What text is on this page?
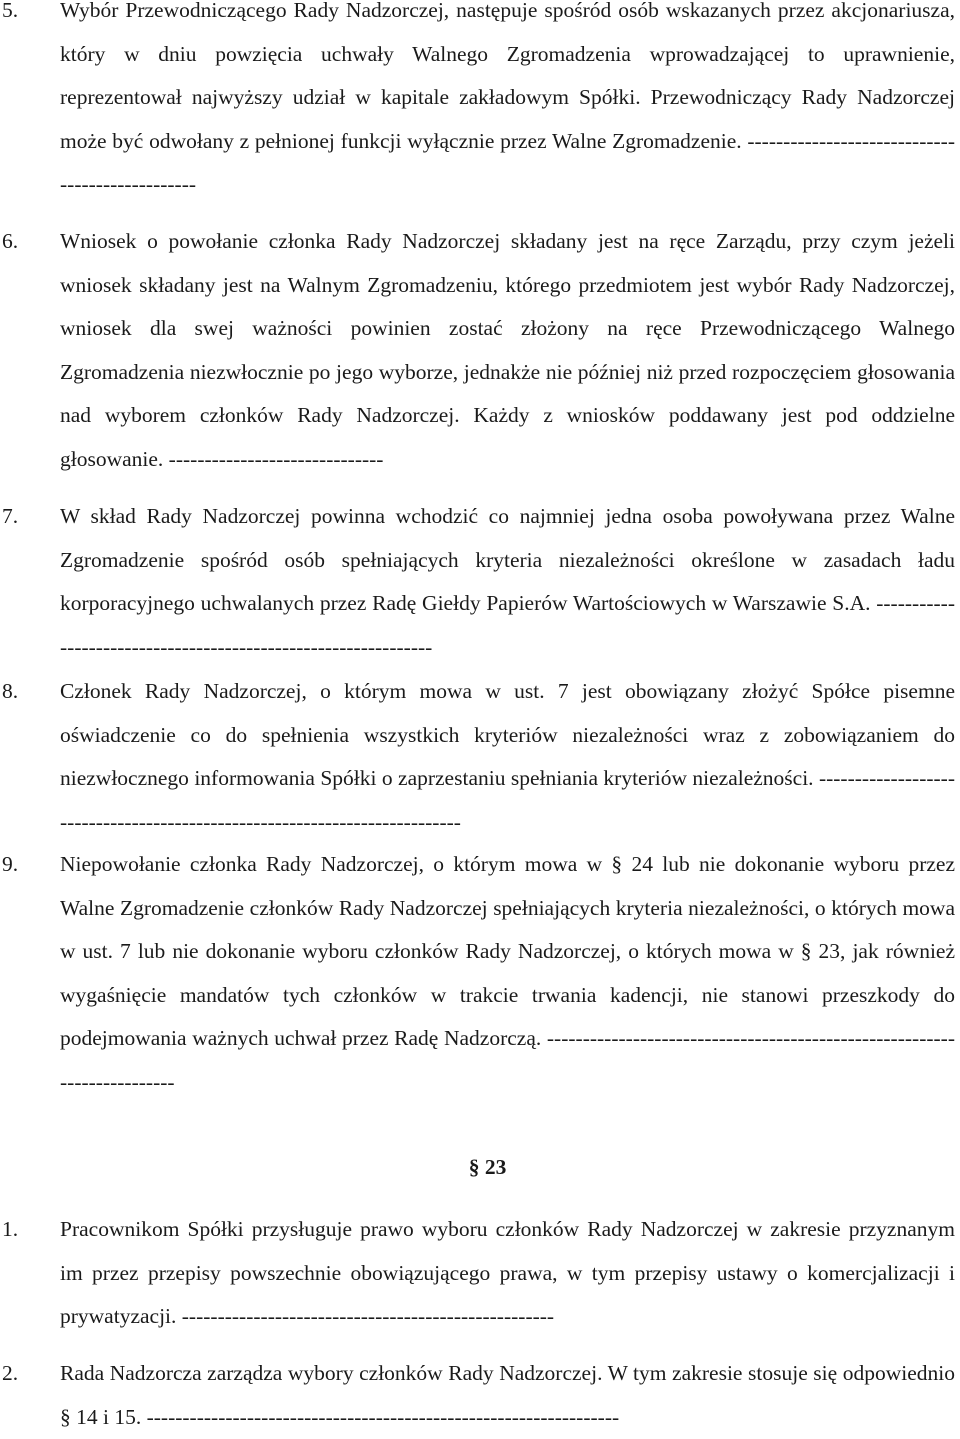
5. Wybór Przewodniczącego Rady Nadzorczej, następuje spośród osób wskazanych przez akcjonariusza, który w dniu powzięcia uchwały Walnego Zgromadzenia wprowadzającej to uprawnienie, reprezentował najwyższy udział w kapitale zakładowym Spółki. Przewodniczący Rady Nadzorczej może być odwołany z pełnionej funkcji wyłącznie przez Walne Zgromadzenie. ------------------------------------------------
6. Wniosek o powołanie członka Rady Nadzorczej składany jest na ręce Zarządu, przy czym jeżeli wniosek składany jest na Walnym Zgromadzeniu, którego przedmiotem jest wybór Rady Nadzorczej, wniosek dla swej ważności powinien zostać złożony na ręce Przewodniczącego Walnego Zgromadzenia niezwłocznie po jego wyborze, jednakże nie później niż przed rozpoczęciem głosowania nad wyborem członków Rady Nadzorczej. Każdy z wniosków poddawany jest pod oddzielne głosowanie. ------------------------------
7. W skład Rady Nadzorczej powinna wchodzić co najmniej jedna osoba powoływana przez Walne Zgromadzenie spośród osób spełniających kryteria niezależności określone w zasadach ładu korporacyjnego uchwalanych przez Radę Giełdy Papierów Wartościowych w Warszawie S.A. ---------------------------------------------------------------
8. Członek Rady Nadzorczej, o którym mowa w ust. 7 jest obowiązany złożyć Spółce pisemne oświadczenie co do spełnienia wszystkich kryteriów niezależności wraz z zobowiązaniem do niezwłocznego informowania Spółki o zaprzestaniu spełniania kryteriów niezależności. ---------------------------------------------------------------------------
9. Niepowołanie członka Rady Nadzorczej, o którym mowa w § 24 lub nie dokonanie wyboru przez Walne Zgromadzenie członków Rady Nadzorczej spełniających kryteria niezależności, o których mowa w ust. 7 lub nie dokonanie wyboru członków Rady Nadzorczej, o których mowa w § 23, jak również wygaśnięcie mandatów tych członków w trakcie trwania kadencji, nie stanowi przeszkody do podejmowania ważnych uchwał przez Radę Nadzorczą. -------------------------------------------------------------------------
§ 23
1. Pracownikom Spółki przysługuje prawo wyboru członków Rady Nadzorczej w zakresie przyznanym im przez przepisy powszechnie obowiązującego prawa, w tym przepisy ustawy o komercjalizacji i prywatyzacji. ----------------------------------------------------
2. Rada Nadzorcza zarządza wybory członków Rady Nadzorczej. W tym zakresie stosuje się odpowiednio § 14 i 15. ------------------------------------------------------------------
